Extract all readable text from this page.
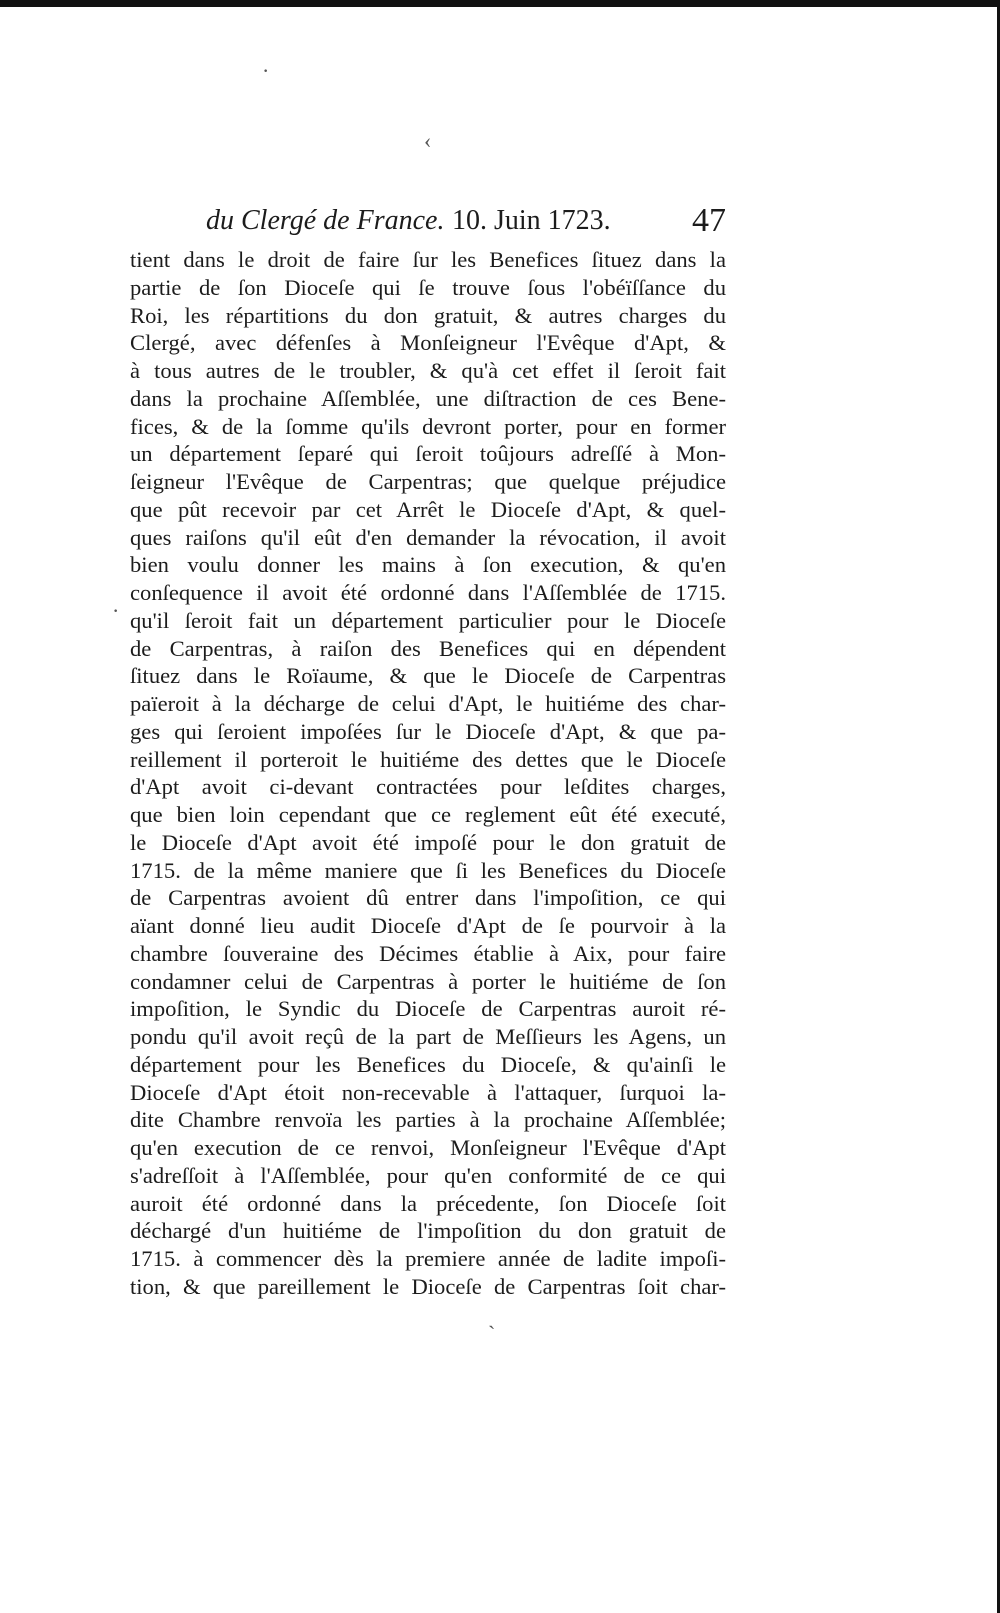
·
‹
·
ˎ
du Clergé de France. 10. Juin 1723. 47
tient dans le droit de faire ſur les Benefices ſituez dans la
partie de ſon Dioceſe qui ſe trouve ſous l'obéïſſance du
Roi, les répartitions du don gratuit, & autres charges du
Clergé, avec défenſes à Monſeigneur l'Evêque d'Apt, &
à tous autres de le troubler, & qu'à cet effet il ſeroit fait
dans la prochaine Aſſemblée, une diſtraction de ces Bene-
fices, & de la ſomme qu'ils devront porter, pour en former
un département ſeparé qui ſeroit toûjours adreſſé à Mon-
ſeigneur l'Evêque de Carpentras; que quelque préjudice
que pût recevoir par cet Arrêt le Dioceſe d'Apt, & quel-
ques raiſons qu'il eût d'en demander la révocation, il avoit
bien voulu donner les mains à ſon execution, & qu'en
conſequence il avoit été ordonné dans l'Aſſemblée de 1715.
qu'il ſeroit fait un département particulier pour le Dioceſe
de Carpentras, à raiſon des Benefices qui en dépendent
ſituez dans le Roïaume, & que le Dioceſe de Carpentras
païeroit à la décharge de celui d'Apt, le huitiéme des char-
ges qui ſeroient impoſées ſur le Dioceſe d'Apt, & que pa-
reillement il porteroit le huitiéme des dettes que le Dioceſe
d'Apt avoit ci-devant contractées pour leſdites charges,
que bien loin cependant que ce reglement eût été executé,
le Dioceſe d'Apt avoit été impoſé pour le don gratuit de
1715. de la même maniere que ſi les Benefices du Dioceſe
de Carpentras avoient dû entrer dans l'impoſition, ce qui
aïant donné lieu audit Dioceſe d'Apt de ſe pourvoir à la
chambre ſouveraine des Décimes établie à Aix, pour faire
condamner celui de Carpentras à porter le huitiéme de ſon
impoſition, le Syndic du Dioceſe de Carpentras auroit ré-
pondu qu'il avoit reçû de la part de Meſſieurs les Agens, un
département pour les Benefices du Dioceſe, & qu'ainſi le
Dioceſe d'Apt étoit non-recevable à l'attaquer, ſurquoi la-
dite Chambre renvoïa les parties à la prochaine Aſſemblée;
qu'en execution de ce renvoi, Monſeigneur l'Evêque d'Apt
s'adreſſoit à l'Aſſemblée, pour qu'en conformité de ce qui
auroit été ordonné dans la précedente, ſon Dioceſe ſoit
déchargé d'un huitiéme de l'impoſition du don gratuit de
1715. à commencer dès la premiere année de ladite impoſi-
tion, & que pareillement le Dioceſe de Carpentras ſoit char-
